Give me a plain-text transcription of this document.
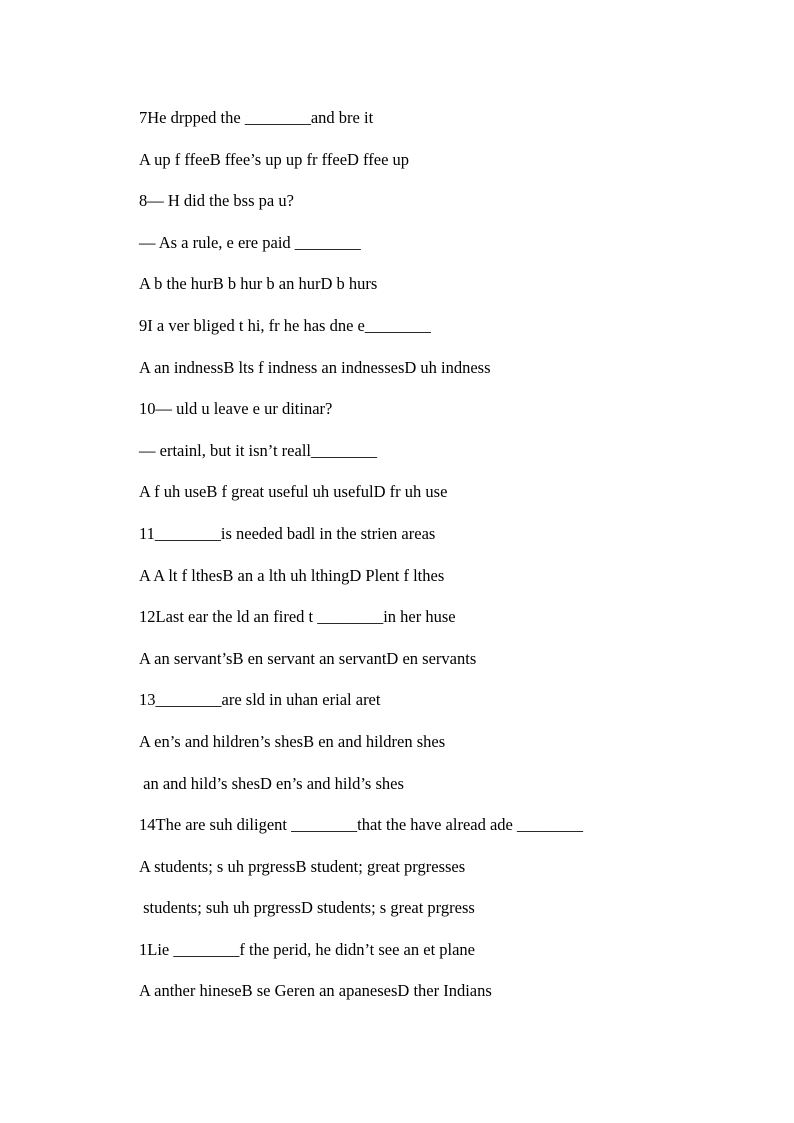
7He drpped the ________and bre it
A up f ffeeB ffee’s up up fr ffeeD ffee up
8— H did the bss pa u?
— As a rule, e ere paid ________
A b the hurB b hur b an hurD b hurs
9I a ver bliged t hi, fr he has dne e________
A an indnessB lts f indness an indnessesD uh indness
10— uld u leave e ur ditinar?
— ertainl, but it isn’t reall________
A f uh useB f great useful uh usefulD fr uh use
11________is needed badl in the strien areas
A A lt f lthesB an a lth uh lthingD Plent f lthes
12Last ear the ld an fired t ________in her huse
A an servant’sB en servant an servantD en servants
13________are sld in uhan erial aret
A en’s and hildren’s shesB en and hildren shes
an and hild’s shesD en’s and hild’s shes
14The are suh diligent ________that the have alread ade ________
A students; s uh prgressB student; great prgresses
students; suh uh prgressD students; s great prgress
1Lie ________f the perid, he didn’t see an et plane
A anther hineseB se Geren an apanesesD ther Indians
